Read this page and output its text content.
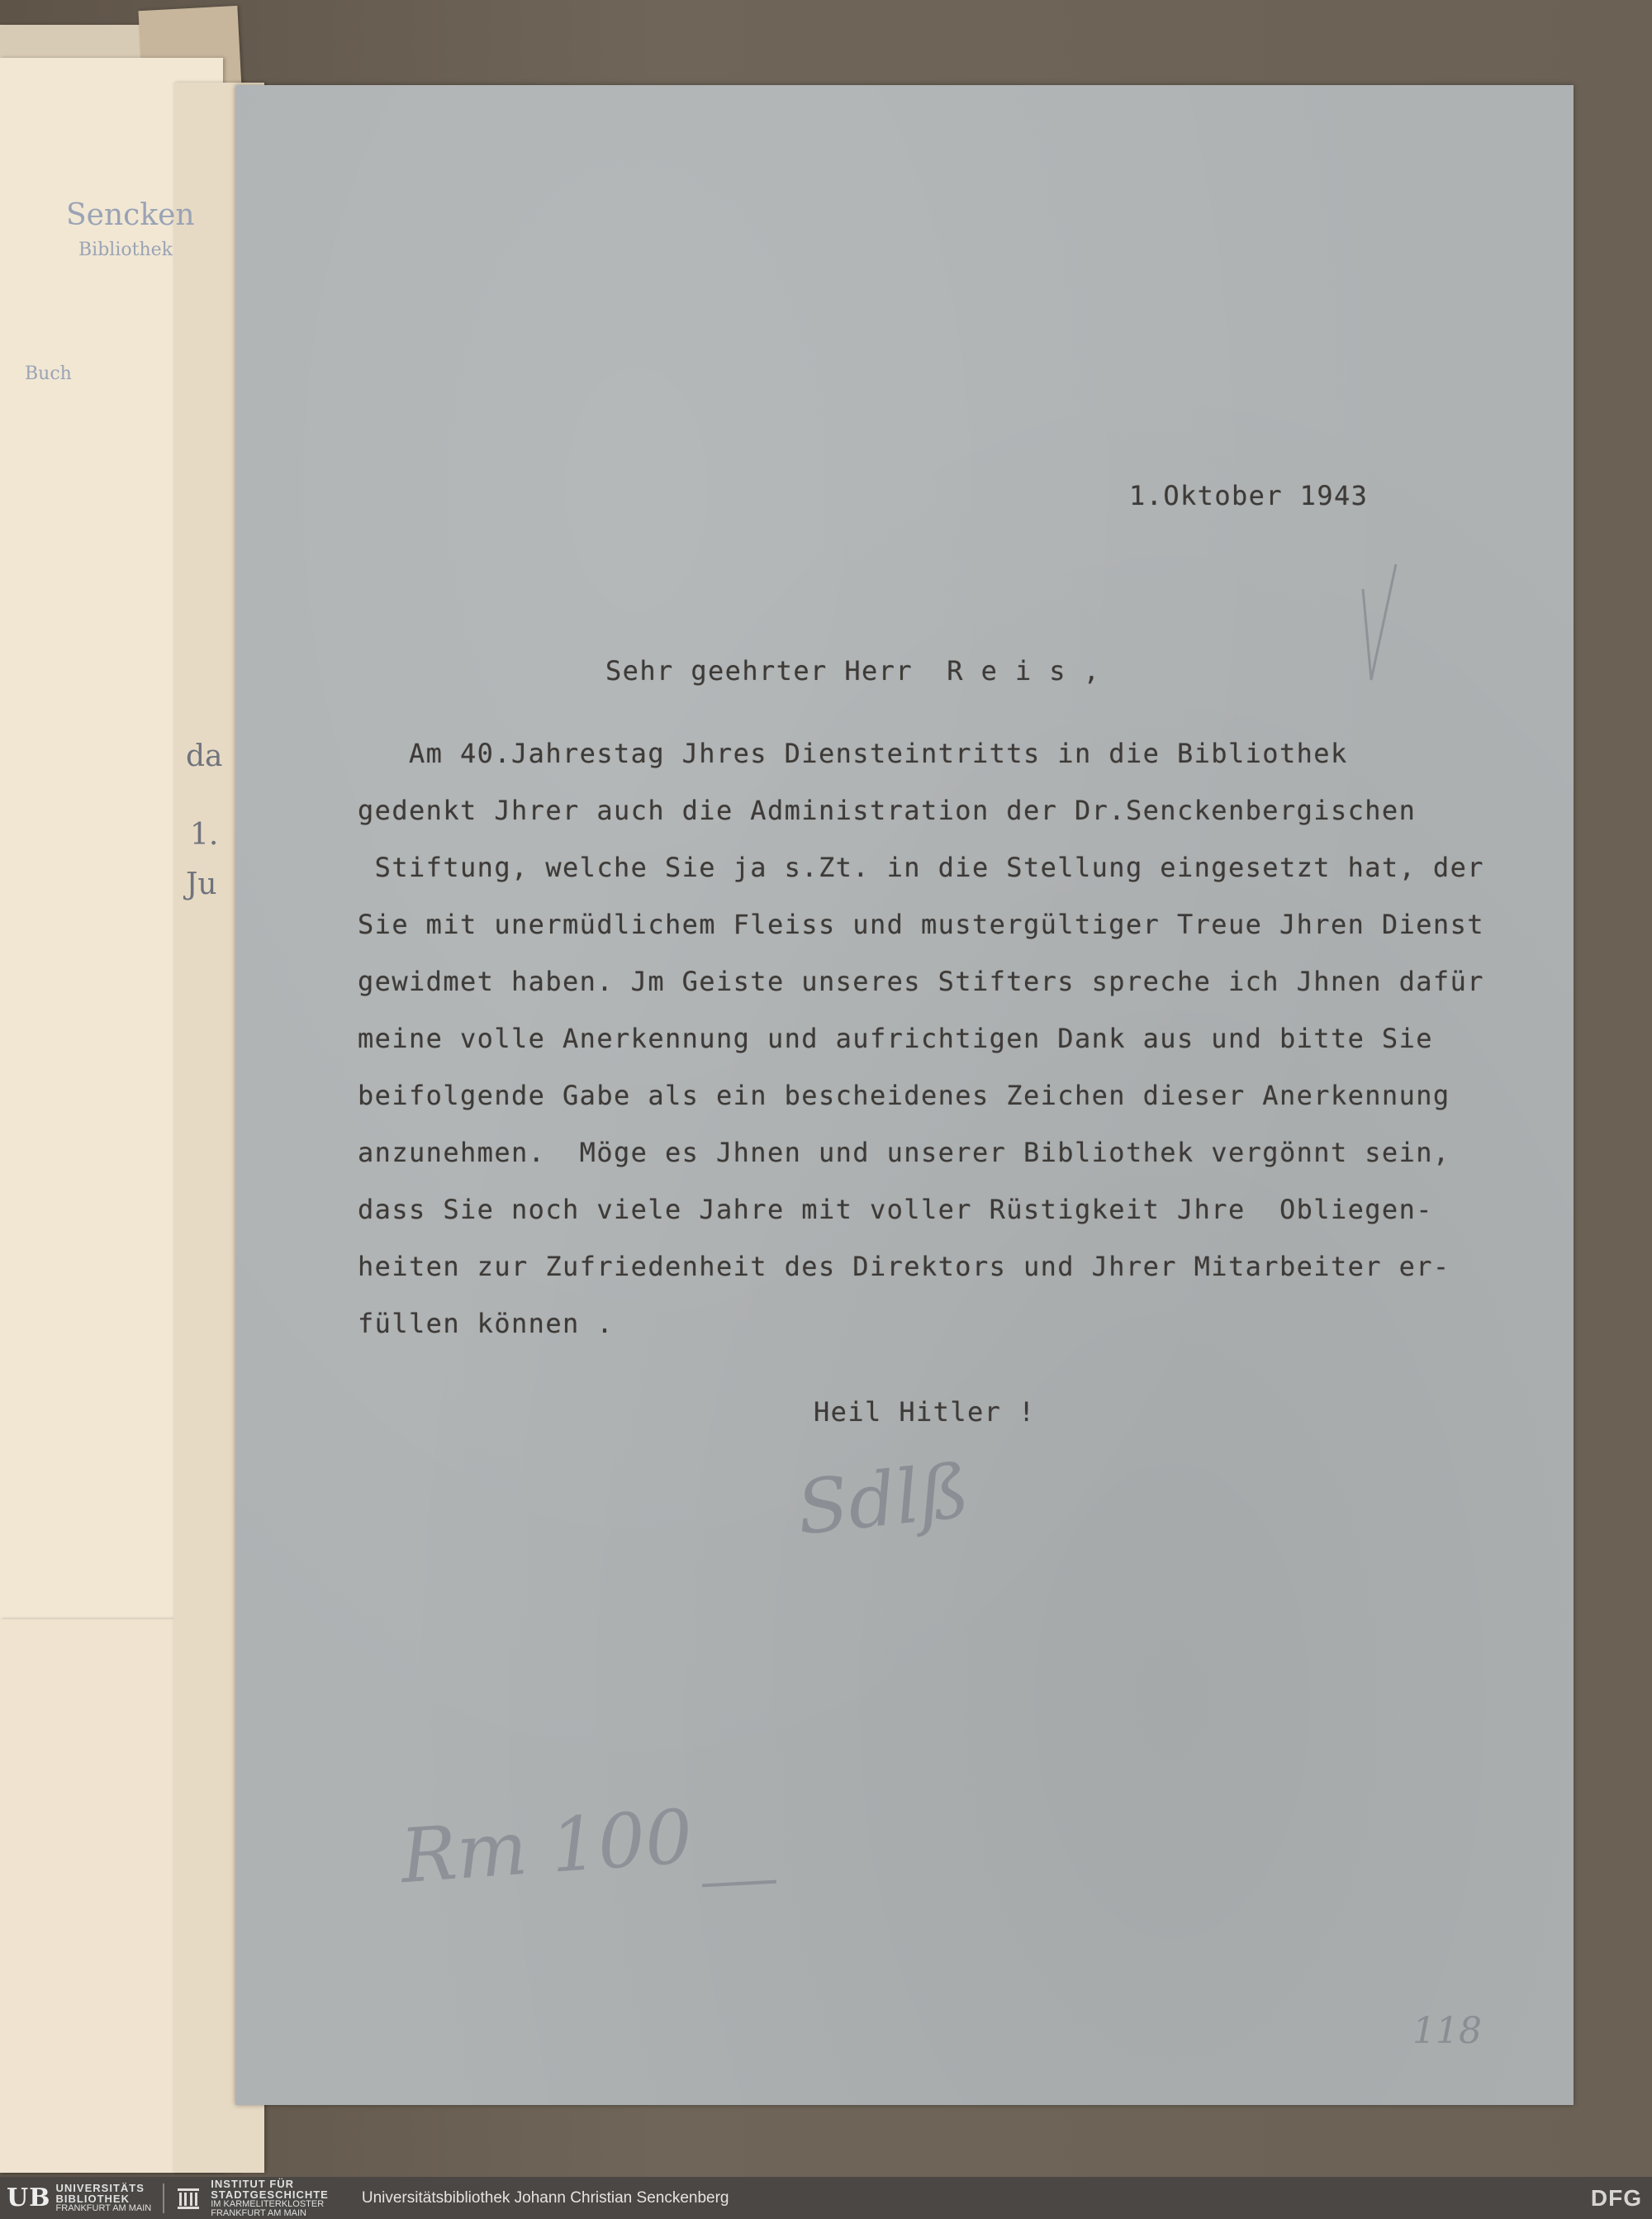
Sencken
Bibliothek
Buch
da
1.
Ju

1.Oktober 1943

Sehr geehrter Herr  R e i s ,

Am 40.Jahrestag Jhres Diensteintritts in die Bibliothek

gedenkt Jhrer auch die Administration der Dr.Senckenbergischen

Stiftung, welche Sie ja s.Zt. in die Stellung eingesetzt hat, der

Sie mit unermüdlichem Fleiss und mustergültiger Treue Jhren Dienst

gewidmet haben. Jm Geiste unseres Stifters spreche ich Jhnen dafür

meine volle Anerkennung und aufrichtigen Dank aus und bitte Sie

beifolgende Gabe als ein bescheidenes Zeichen dieser Anerkennung

anzunehmen.  Möge es Jhnen und unserer Bibliothek vergönnt sein,

dass Sie noch viele Jahre mit voller Rüstigkeit Jhre  Obliegen-

heiten zur Zufriedenheit des Direktors und Jhrer Mitarbeiter er-

füllen können .

Heil Hitler !

Sdlß

Rm 100

118

UB UNIVERSITÄTS
BIBLIOTHEK
FRANKFURT AM MAIN
INSTITUT FÜR
STADTGESCHICHTE
IM KARMELITERKLOSTER
FRANKFURT AM MAIN
Universitätsbibliothek Johann Christian Senckenberg	DFG
